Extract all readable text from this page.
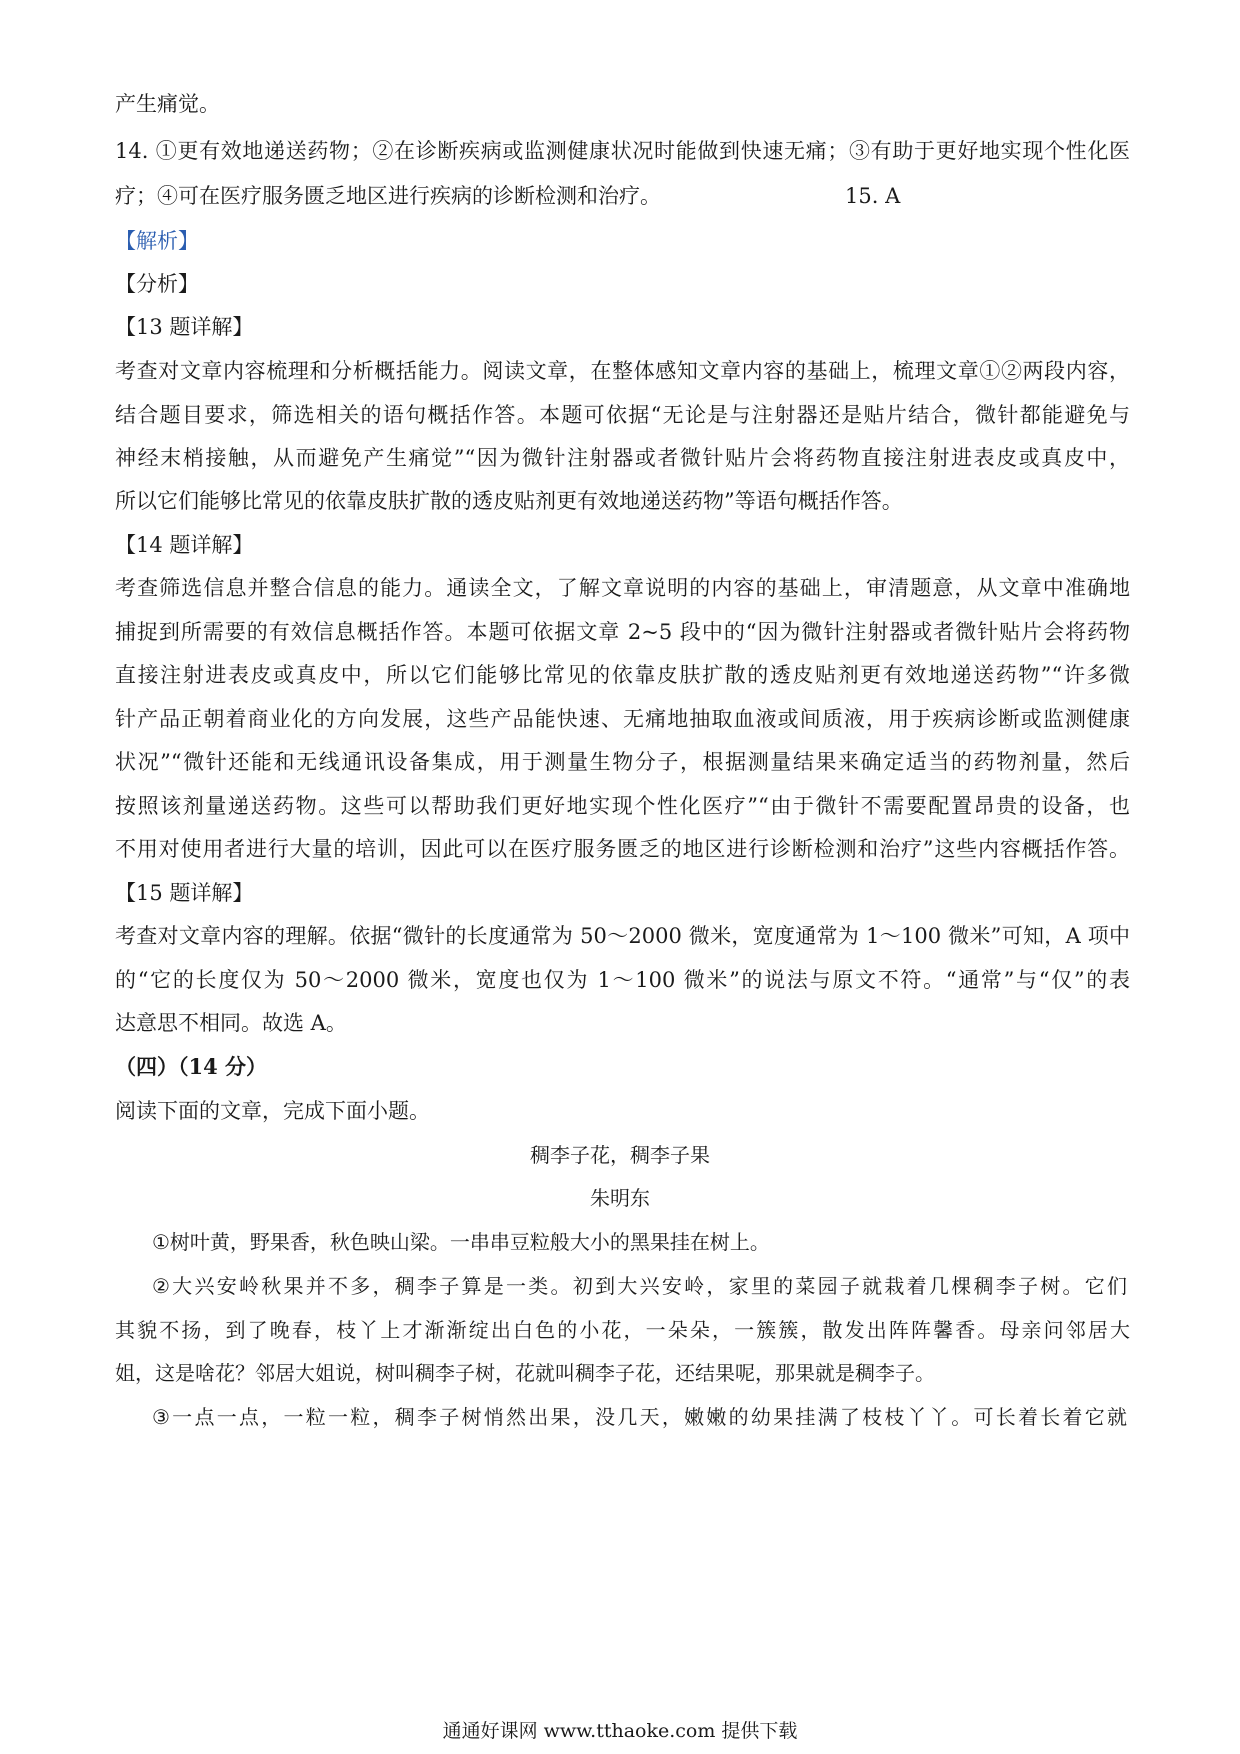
产生痛觉。
14. ①更有效地递送药物；②在诊断疾病或监测健康状况时能做到快速无痛；③有助于更好地实现个性化医
疗；④可在医疗服务匮乏地区进行疾病的诊断检测和治疗。	15. A
【解析】
【分析】
【13 题详解】
考查对文章内容梳理和分析概括能力。阅读文章，在整体感知文章内容的基础上，梳理文章①②两段内容，
结合题目要求，筛选相关的语句概括作答。本题可依据“无论是与注射器还是贴片结合，微针都能避免与
神经末梢接触，从而避免产生痛觉”“因为微针注射器或者微针贴片会将药物直接注射进表皮或真皮中，
所以它们能够比常见的依靠皮肤扩散的透皮贴剂更有效地递送药物”等语句概括作答。
【14 题详解】
考查筛选信息并整合信息的能力。通读全文，了解文章说明的内容的基础上，审清题意，从文章中准确地
捕捉到所需要的有效信息概括作答。本题可依据文章 2~5 段中的“因为微针注射器或者微针贴片会将药物
直接注射进表皮或真皮中，所以它们能够比常见的依靠皮肤扩散的透皮贴剂更有效地递送药物”“许多微
针产品正朝着商业化的方向发展，这些产品能快速、无痛地抽取血液或间质液，用于疾病诊断或监测健康
状况”“微针还能和无线通讯设备集成，用于测量生物分子，根据测量结果来确定适当的药物剂量，然后
按照该剂量递送药物。这些可以帮助我们更好地实现个性化医疗”“由于微针不需要配置昂贵的设备，也
不用对使用者进行大量的培训，因此可以在医疗服务匮乏的地区进行诊断检测和治疗”这些内容概括作答。
【15 题详解】
考查对文章内容的理解。依据“微针的长度通常为 50～2000 微米，宽度通常为 1～100 微米”可知，A 项中
的“它的长度仅为 50～2000 微米，宽度也仅为 1～100 微米”的说法与原文不符。“通常”与“仅”的表
达意思不相同。故选 A。
（四）（14 分）
阅读下面的文章，完成下面小题。
稠李子花，稠李子果
朱明东
①树叶黄，野果香，秋色映山梁。一串串豆粒般大小的黑果挂在树上。
②大兴安岭秋果并不多，稠李子算是一类。初到大兴安岭，家里的菜园子就栽着几棵稠李子树。它们
其貌不扬，到了晚春，枝丫上才渐渐绽出白色的小花，一朵朵，一簇簇，散发出阵阵馨香。母亲问邻居大
姐，这是啥花？邻居大姐说，树叫稠李子树，花就叫稠李子花，还结果呢，那果就是稠李子。
③一点一点，一粒一粒，稠李子树悄然出果，没几天，嫩嫩的幼果挂满了枝枝丫丫。可长着长着它就
通通好课网 www.tthaoke.com 提供下载
